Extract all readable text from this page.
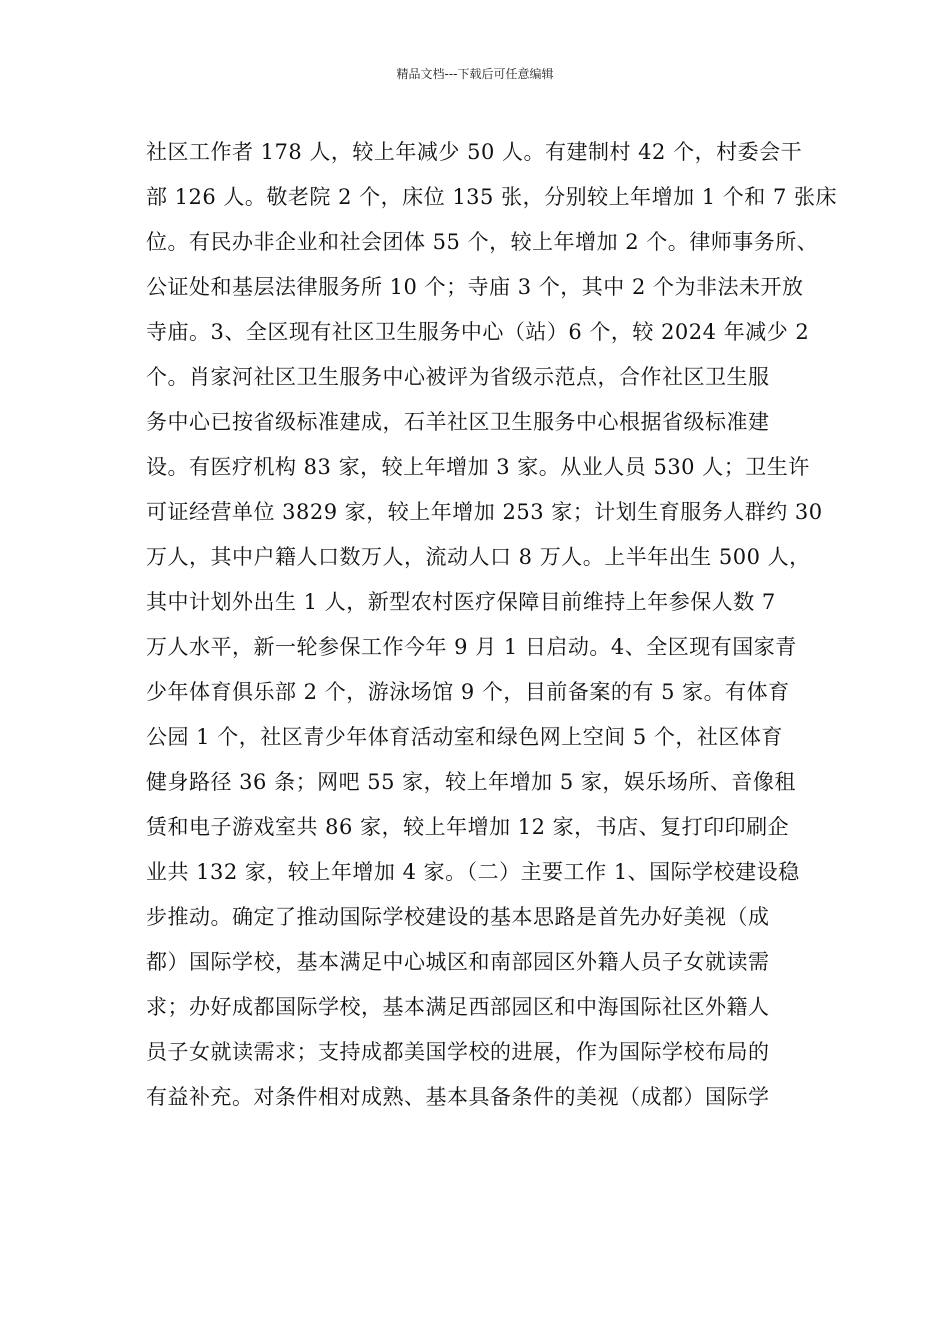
精品文档---下载后可任意编辑
社区工作者 178 人，较上年减少 50 人。有建制村 42 个，村委会干
部 126 人。敬老院 2 个，床位 135 张，分别较上年增加 1 个和 7 张床
位。有民办非企业和社会团体 55 个，较上年增加 2 个。律师事务所、
公证处和基层法律服务所 10 个；寺庙 3 个，其中 2 个为非法未开放
寺庙。3、全区现有社区卫生服务中心（站）6 个，较 2024 年减少 2
个。肖家河社区卫生服务中心被评为省级示范点，合作社区卫生服
务中心已按省级标准建成，石羊社区卫生服务中心根据省级标准建
设。有医疗机构 83 家，较上年增加 3 家。从业人员 530 人；卫生许
可证经营单位 3829 家，较上年增加 253 家；计划生育服务人群约 30
万人，其中户籍人口数万人，流动人口 8 万人。上半年出生 500 人，
其中计划外出生 1 人，新型农村医疗保障目前维持上年参保人数 7
万人水平，新一轮参保工作今年 9 月 1 日启动。4、全区现有国家青
少年体育俱乐部 2 个，游泳场馆 9 个，目前备案的有 5 家。有体育
公园 1 个，社区青少年体育活动室和绿色网上空间 5 个，社区体育
健身路径 36 条；网吧 55 家，较上年增加 5 家，娱乐场所、音像租
赁和电子游戏室共 86 家，较上年增加 12 家，书店、复打印印刷企
业共 132 家，较上年增加 4 家。（二）主要工作 1、国际学校建设稳
步推动。确定了推动国际学校建设的基本思路是首先办好美视（成
都）国际学校，基本满足中心城区和南部园区外籍人员子女就读需
求；办好成都国际学校，基本满足西部园区和中海国际社区外籍人
员子女就读需求；支持成都美国学校的进展，作为国际学校布局的
有益补充。对条件相对成熟、基本具备条件的美视（成都）国际学
